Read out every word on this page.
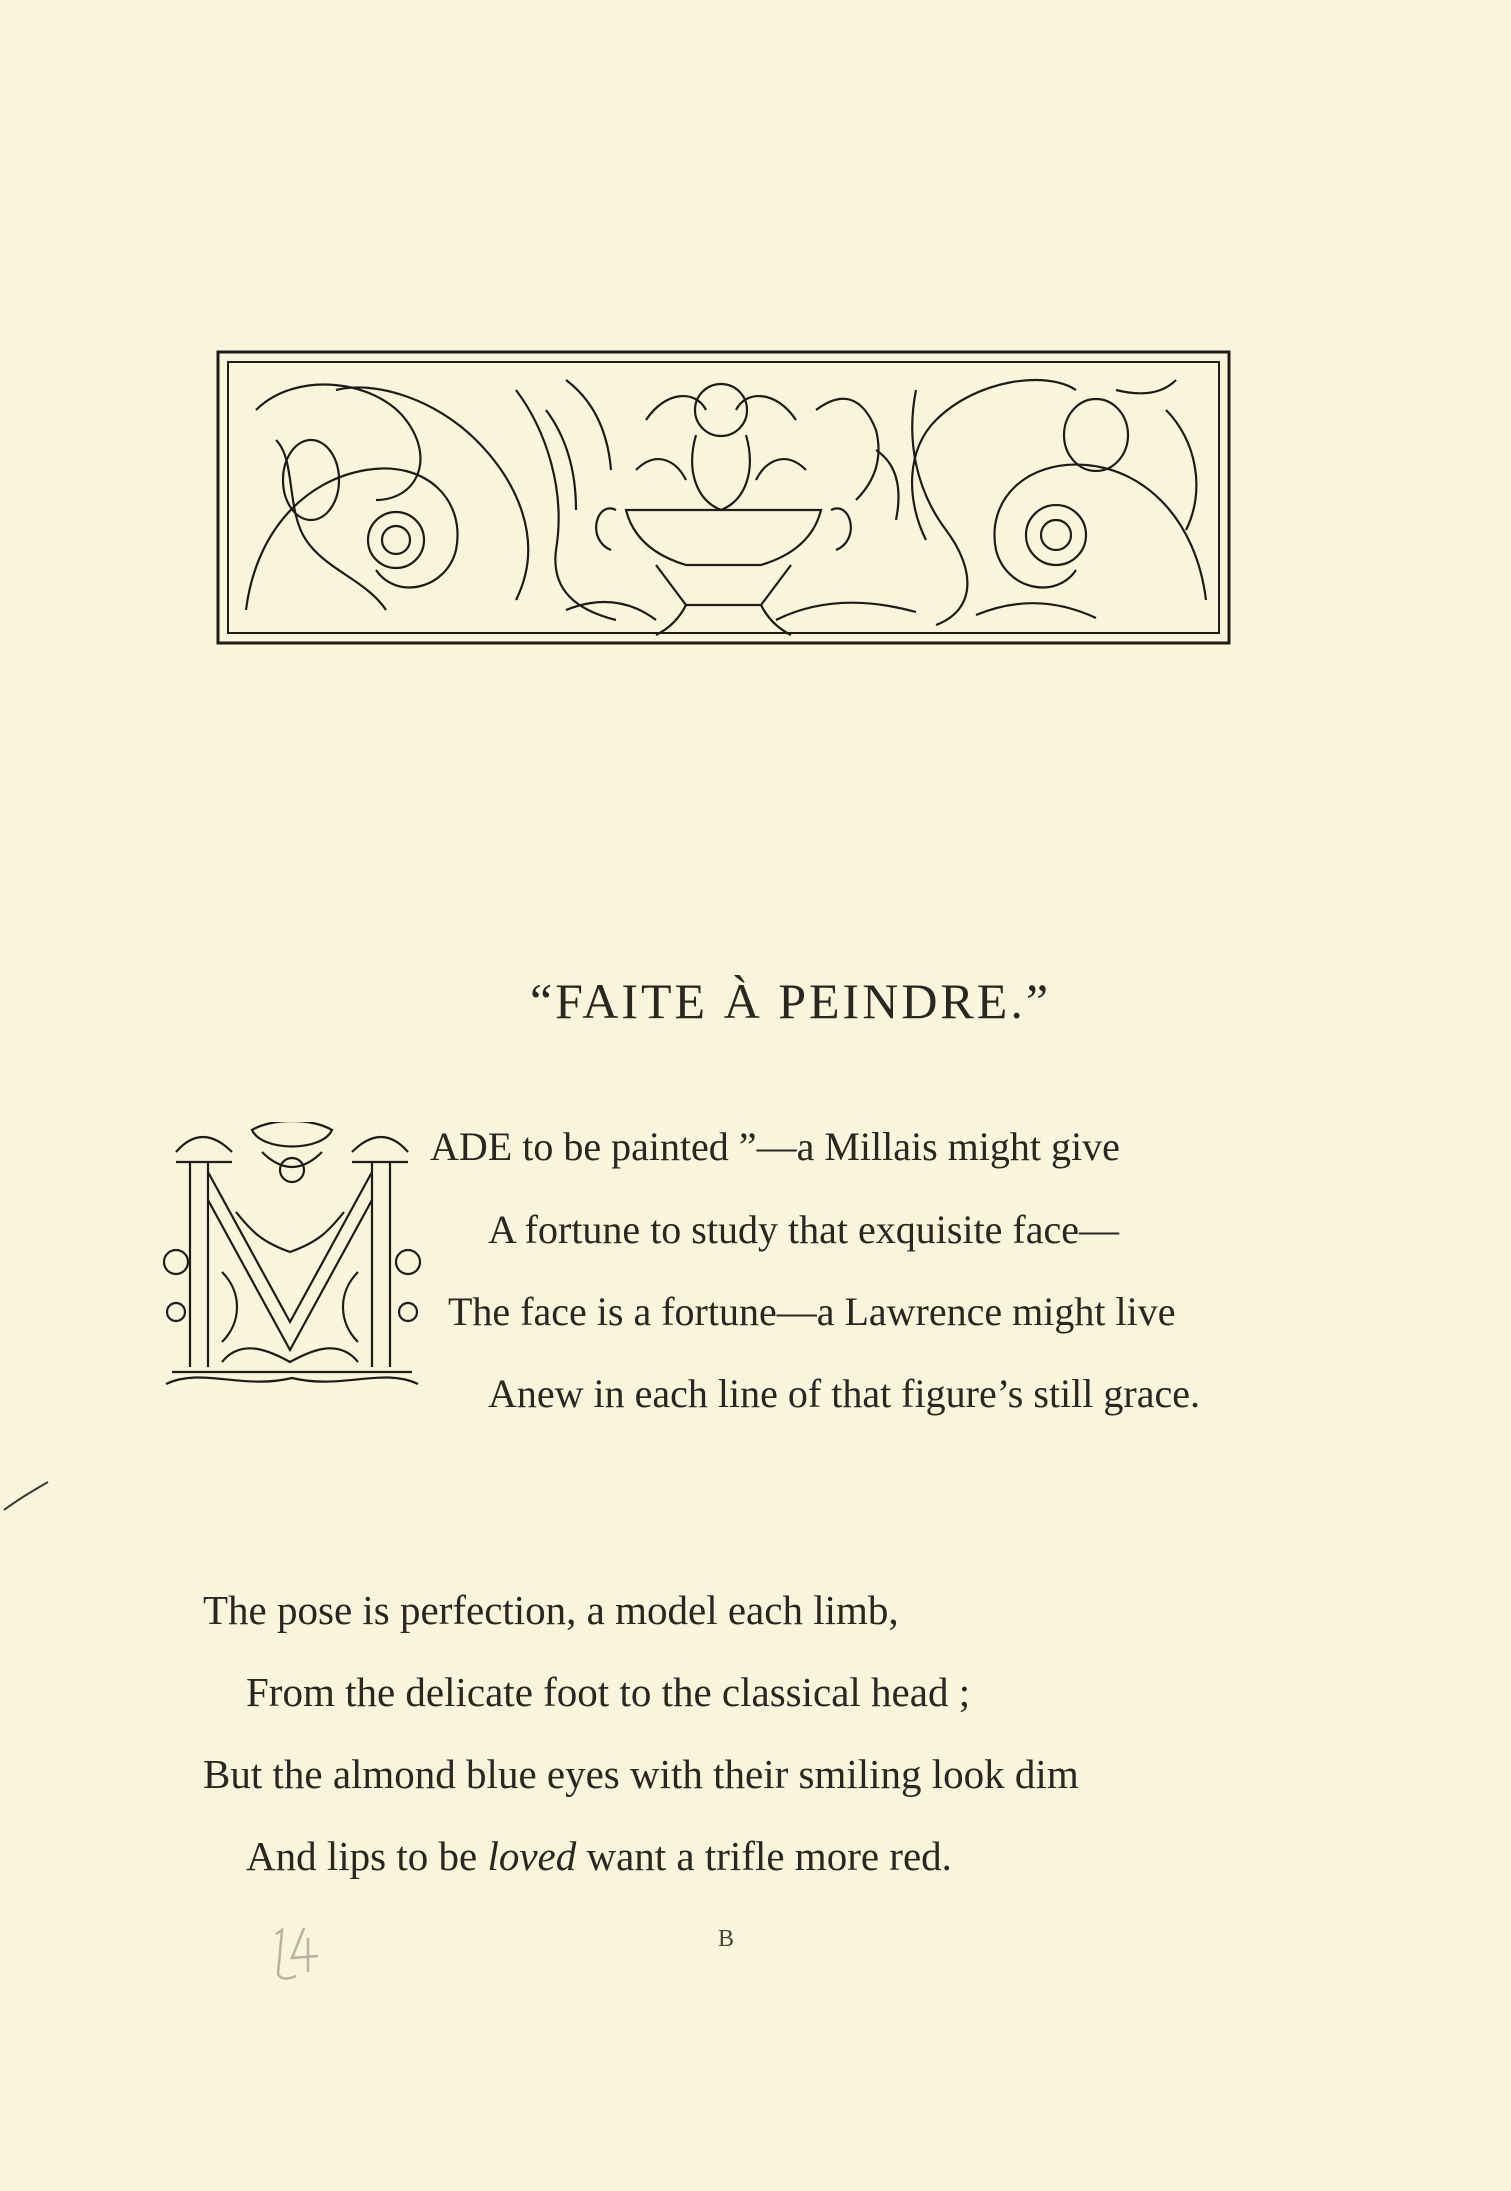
“FAITE À PEINDRE.”

ADE to be painted ”—a Millais might give

A fortune to study that exquisite face—

The face is a fortune—a Lawrence might live

Anew in each line of that figure’s still grace.

The pose is perfection, a model each limb,

From the delicate foot to the classical head ;

But the almond blue eyes with their smiling look dim

And lips to be loved want a trifle more red.

B
